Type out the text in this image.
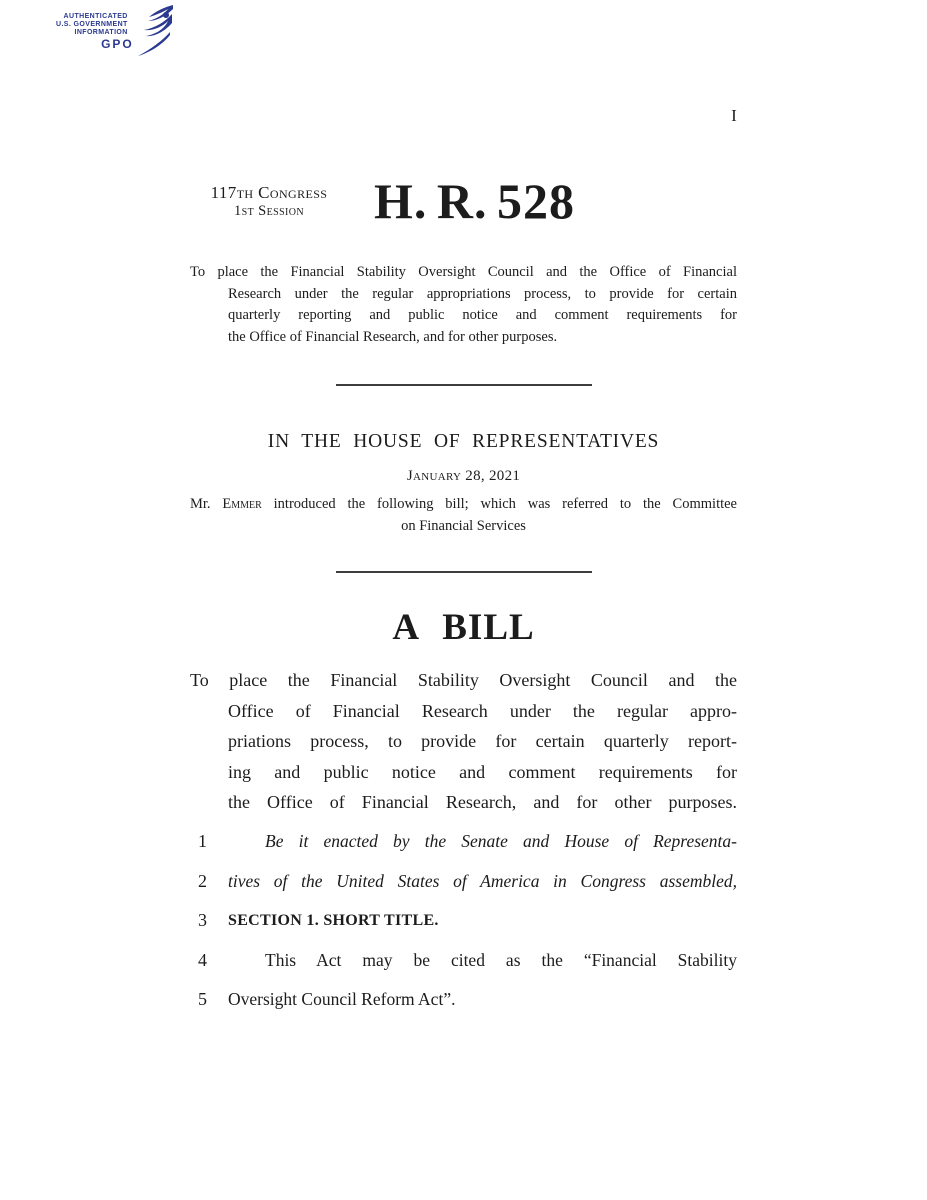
AUTHENTICATED
U.S. GOVERNMENT
INFORMATION
GPO
I
117th Congress
1st Session	H. R. 528
To place the Financial Stability Oversight Council and the Office of Financial
Research under the regular appropriations process, to provide for certain
quarterly reporting and public notice and comment requirements for
the Office of Financial Research, and for other purposes.
IN THE HOUSE OF REPRESENTATIVES
January 28, 2021
Mr. Emmer introduced the following bill; which was referred to the Committee
on Financial Services
A BILL
To place the Financial Stability Oversight Council and the
Office of Financial Research under the regular appro-
priations process, to provide for certain quarterly report-
ing and public notice and comment requirements for
the Office of Financial Research, and for other purposes.
1	Be it enacted by the Senate and House of Representa-
2	tives of the United States of America in Congress assembled,
3	SECTION 1. SHORT TITLE.
4	This Act may be cited as the “Financial Stability
5	Oversight Council Reform Act”.
